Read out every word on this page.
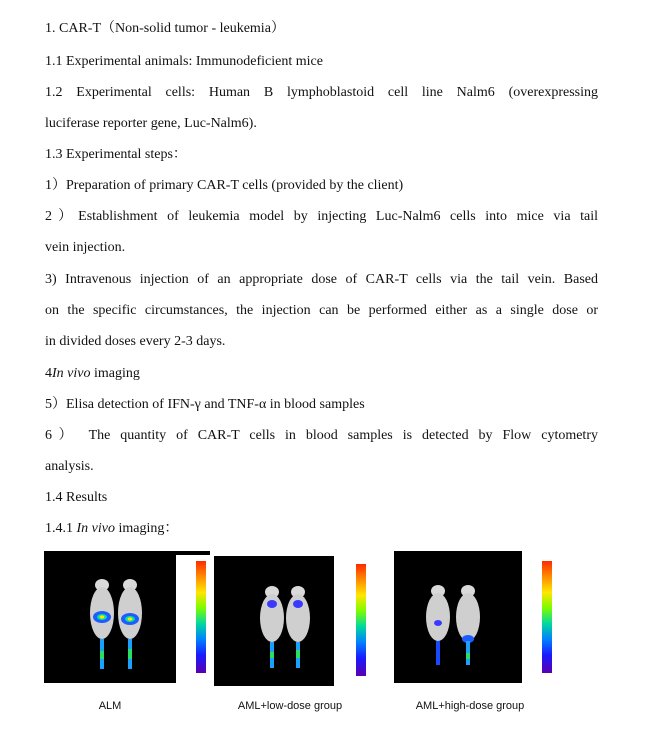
1. CAR-T（Non-solid tumor - leukemia）
1.1 Experimental animals: Immunodeficient mice
1.2 Experimental cells: Human B lymphoblastoid cell line Nalm6 (overexpressing
luciferase reporter gene, Luc-Nalm6).
1.3 Experimental steps：
1）Preparation of primary CAR-T cells (provided by the client)
2）Establishment of leukemia model by injecting Luc-Nalm6 cells into mice via tail
vein injection.
3) Intravenous injection of an appropriate dose of CAR-T cells via the tail vein. Based
on the specific circumstances, the injection can be performed either as a single dose or
in divided doses every 2-3 days.
4In vivo imaging
5）Elisa detection of IFN-γ and TNF-α in blood samples
6） The quantity of CAR-T cells in blood samples is detected by Flow cytometry
analysis.
1.4 Results
1.4.1 In vivo imaging：
ALM	AML+low-dose group	AML+high-dose group
